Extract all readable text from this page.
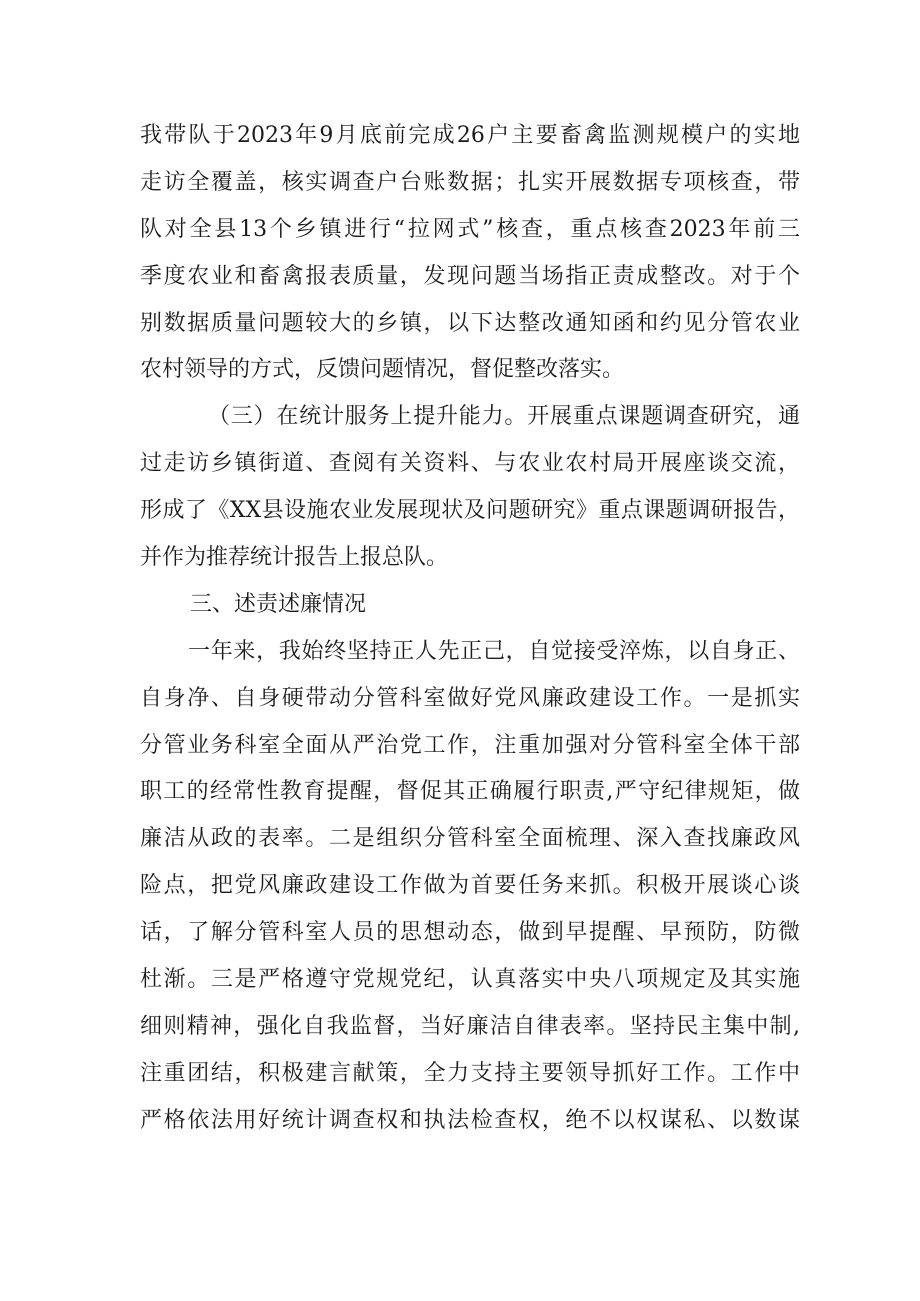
我带队于2023年9月底前完成26户主要畜禽监测规模户的实地
走访全覆盖，核实调查户台账数据；扎实开展数据专项核查，带
队对全县13个乡镇进行“拉网式”核查，重点核查2023年前三
季度农业和畜禽报表质量，发现问题当场指正责成整改。对于个
别数据质量问题较大的乡镇，以下达整改通知函和约见分管农业
农村领导的方式，反馈问题情况，督促整改落实。
（三）在统计服务上提升能力。开展重点课题调查研究，通
过走访乡镇街道、查阅有关资料、与农业农村局开展座谈交流，
形成了《XX县设施农业发展现状及问题研究》重点课题调研报告，
并作为推荐统计报告上报总队。
三、述责述廉情况
一年来，我始终坚持正人先正己，自觉接受淬炼，以自身正、
自身净、自身硬带动分管科室做好党风廉政建设工作。一是抓实
分管业务科室全面从严治党工作，注重加强对分管科室全体干部
职工的经常性教育提醒，督促其正确履行职责,严守纪律规矩，做
廉洁从政的表率。二是组织分管科室全面梳理、深入查找廉政风
险点，把党风廉政建设工作做为首要任务来抓。积极开展谈心谈
话，了解分管科室人员的思想动态，做到早提醒、早预防，防微
杜渐。三是严格遵守党规党纪，认真落实中央八项规定及其实施
细则精神，强化自我监督，当好廉洁自律表率。坚持民主集中制,
注重团结，积极建言献策，全力支持主要领导抓好工作。工作中
严格依法用好统计调查权和执法检查权，绝不以权谋私、以数谋
